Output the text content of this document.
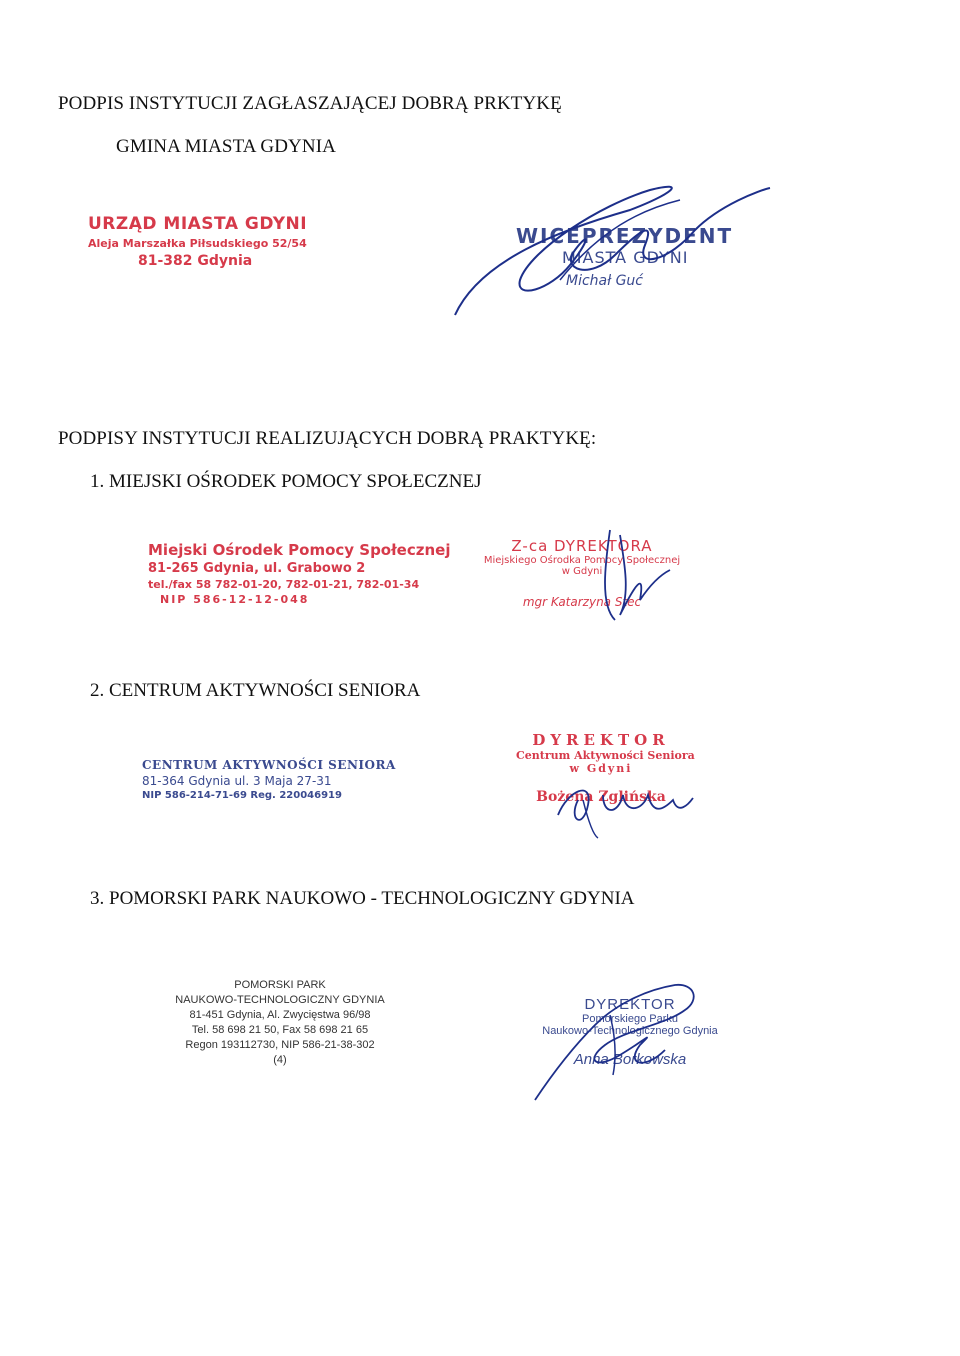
PODPIS INSTYTUCJI ZAGŁASZAJĄCEJ DOBRĄ PRKTYKĘ
GMINA MIASTA GDYNIA
URZĄD MIASTA GDYNI
Aleja Marszałka Piłsudskiego 52/54
81-382 Gdynia
WICEPREZYDENT
MIASTA GDYNI
Michał Guć
PODPISY INSTYTUCJI REALIZUJĄCYCH DOBRĄ PRAKTYKĘ:
1. MIEJSKI OŚRODEK POMOCY SPOŁECZNEJ
Miejski Ośrodek Pomocy Społecznej
81-265 Gdynia, ul. Grabowo 2
tel./fax 58 782-01-20, 782-01-21, 782-01-34
NIP 586-12-12-048
Z-ca DYREKTORA
Miejskiego Ośrodka Pomocy Społecznej
w Gdyni
mgr Katarzyna Stec
2. CENTRUM AKTYWNOŚCI SENIORA
CENTRUM AKTYWNOŚCI SENIORA
81-364 Gdynia ul. 3 Maja 27-31
NIP 586-214-71-69 Reg. 220046919
DYREKTOR
Centrum Aktywności Seniora
w Gdyni
Bożena Zglińska
3. POMORSKI PARK NAUKOWO - TECHNOLOGICZNY GDYNIA
POMORSKI PARK
NAUKOWO-TECHNOLOGICZNY GDYNIA
81-451 Gdynia, Al. Zwycięstwa 96/98
Tel. 58 698 21 50, Fax 58 698 21 65
Regon 193112730, NIP 586-21-38-302
(4)
DYREKTOR
Pomorskiego Parku
Naukowo-Technologicznego Gdynia
Anna Borkowska
